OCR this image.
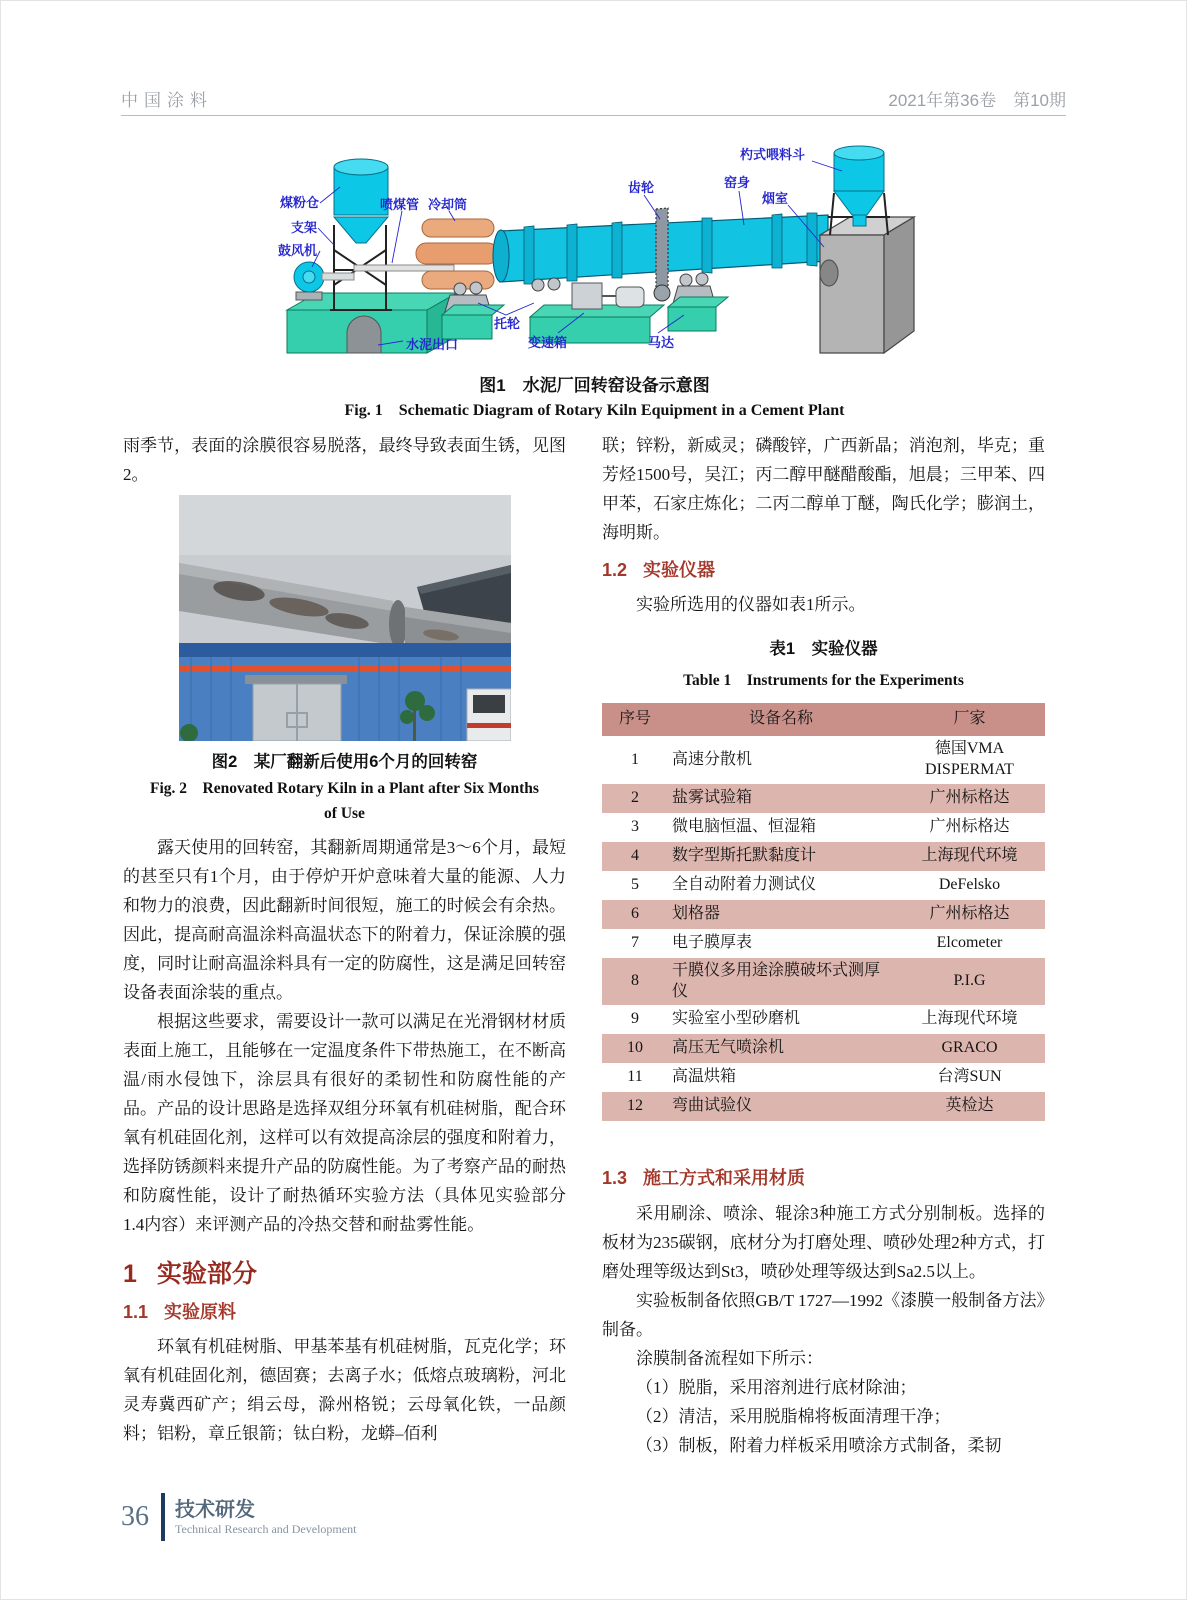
中国涂料	2021年第36卷　第10期
煤粉仓
支架
鼓风机
喷煤管 冷却筒
齿轮	窑身
杓式喂料斗
烟室
水泥出口
托轮
变速箱	马达
图1　水泥厂回转窑设备示意图
Fig. 1　Schematic Diagram of Rotary Kiln Equipment in a Cement Plant

雨季节，表面的涂膜很容易脱落，最终导致表面生锈，见图2。

图2　某厂翻新后使用6个月的回转窑
Fig. 2　Renovated Rotary Kiln in a Plant after Six Months
of Use

露天使用的回转窑，其翻新周期通常是3～6个月，最短的甚至只有1个月，由于停炉开炉意味着大量的能源、人力和物力的浪费，因此翻新时间很短，施工的时候会有余热。因此，提高耐高温涂料高温状态下的附着力，保证涂膜的强度，同时让耐高温涂料具有一定的防腐性，这是满足回转窑设备表面涂装的重点。

根据这些要求，需要设计一款可以满足在光滑钢材材质表面上施工，且能够在一定温度条件下带热施工，在不断高温/雨水侵蚀下，涂层具有很好的柔韧性和防腐性能的产品。产品的设计思路是选择双组分环氧有机硅树脂，配合环氧有机硅固化剂，这样可以有效提高涂层的强度和附着力，选择防锈颜料来提升产品的防腐性能。为了考察产品的耐热和防腐性能，设计了耐热循环实验方法（具体见实验部分1.4内容）来评测产品的冷热交替和耐盐雾性能。

1 实验部分
1.1 实验原料

环氧有机硅树脂、甲基苯基有机硅树脂，瓦克化学；环氧有机硅固化剂，德固赛；去离子水；低熔点玻璃粉，河北灵寿冀西矿产；绢云母，滁州格锐；云母氧化铁，一品颜料；铝粉，章丘银箭；钛白粉，龙蟒–佰利

联；锌粉，新威灵；磷酸锌，广西新晶；消泡剂，毕克；重芳烃1500号，吴江；丙二醇甲醚醋酸酯，旭晨；三甲苯、四甲苯，石家庄炼化；二丙二醇单丁醚，陶氏化学；膨润土，海明斯。

1.2 实验仪器

实验所选用的仪器如表1所示。

表1　实验仪器
Table 1　Instruments for the Experiments
序号	设备名称	厂家
1	高速分散机	德国VMA DISPERMAT
2	盐雾试验箱	广州标格达
3	微电脑恒温、恒湿箱	广州标格达
4	数字型斯托默黏度计	上海现代环境
5	全自动附着力测试仪	DeFelsko
6	划格器	广州标格达
7	电子膜厚表	Elcometer
8	干膜仪多用途涂膜破坏式测厚仪	P.I.G
9	实验室小型砂磨机	上海现代环境
10	高压无气喷涂机	GRACO
11	高温烘箱	台湾SUN
12	弯曲试验仪	英检达
1.3 施工方式和采用材质

采用刷涂、喷涂、辊涂3种施工方式分别制板。选择的板材为235碳钢，底材分为打磨处理、喷砂处理2种方式，打磨处理等级达到St3，喷砂处理等级达到Sa2.5以上。

实验板制备依照GB/T 1727—1992《漆膜一般制备方法》制备。

涂膜制备流程如下所示：

（1）脱脂，采用溶剂进行底材除油；

（2）清洁，采用脱脂棉将板面清理干净；

（3）制板，附着力样板采用喷涂方式制备，柔韧

36 技术研发
Technical Research and Development
